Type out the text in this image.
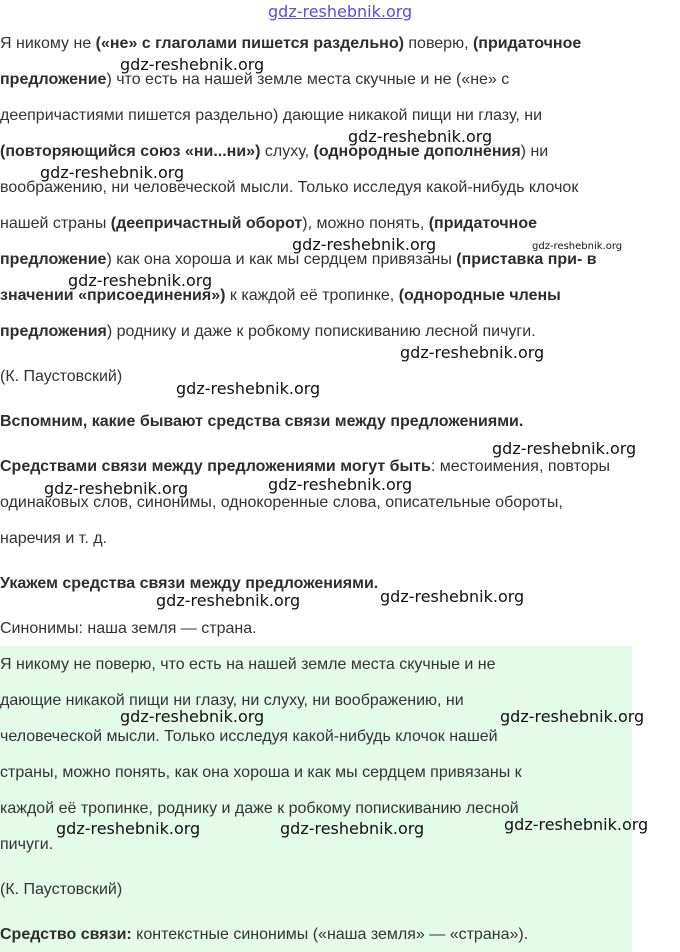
Я никому не («не» с глаголами пишется раздельно) поверю, (придаточное
предложение) что есть на нашей земле места скучные и не («не» с
деепричастиями пишется раздельно) дающие никакой пищи ни глазу, ни
(повторяющийся союз «ни...ни») слуху, (однородные дополнения) ни
воображению, ни человеческой мысли. Только исследуя какой-нибудь клочок
нашей страны (деепричастный оборот), можно понять, (придаточное
предложение) как она хороша и как мы сердцем привязаны (приставка при- в
значении «присоединения») к каждой её тропинке, (однородные члены
предложения) роднику и даже к робкому попискиванию лесной пичуги.
(К. Паустовский)
Вспомним, какие бывают средства связи между предложениями.
Средствами связи между предложениями могут быть: местоимения, повторы
одинаковых слов, синонимы, однокоренные слова, описательные обороты,
наречия и т. д.
Укажем средства связи между предложениями.
Синонимы: наша земля — страна.
Я никому не поверю, что есть на нашей земле места скучные и не
дающие никакой пищи ни глазу, ни слуху, ни воображению, ни
человеческой мысли. Только исследуя какой-нибудь клочок нашей
страны, можно понять, как она хороша и как мы сердцем привязаны к
каждой её тропинке, роднику и даже к робкому попискиванию лесной
пичуги.
(К. Паустовский)
Средство связи: контекстные синонимы («наша земля» — «страна»).
gdz-reshebnik.org
gdz-reshebnik.org
gdz-reshebnik.org
gdz-reshebnik.org
gdz-reshebnik.org	gdz-reshebnik.org
gdz-reshebnik.org
gdz-reshebnik.org
gdz-reshebnik.org
gdz-reshebnik.org
gdz-reshebnik.org
gdz-reshebnik.org
gdz-reshebnik.org
gdz-reshebnik.org
gdz-reshebnik.org	gdz-reshebnik.org
gdz-reshebnik.org
gdz-reshebnik.org	gdz-reshebnik.org
